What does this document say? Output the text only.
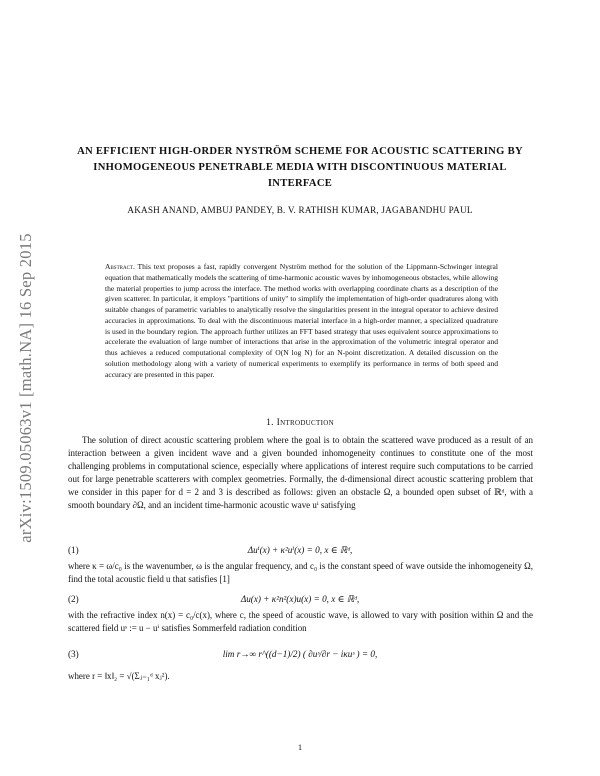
arXiv:1509.05063v1 [math.NA] 16 Sep 2015
AN EFFICIENT HIGH-ORDER NYSTRÖM SCHEME FOR ACOUSTIC SCATTERING BY INHOMOGENEOUS PENETRABLE MEDIA WITH DISCONTINUOUS MATERIAL INTERFACE
AKASH ANAND, AMBUJ PANDEY, B. V. RATHISH KUMAR, JAGABANDHU PAUL
Abstract. This text proposes a fast, rapidly convergent Nyström method for the solution of the Lippmann-Schwinger integral equation that mathematically models the scattering of time-harmonic acoustic waves by inhomogeneous obstacles, while allowing the material properties to jump across the interface. The method works with overlapping coordinate charts as a description of the given scatterer. In particular, it employs "partitions of unity" to simplify the implementation of high-order quadratures along with suitable changes of parametric variables to analytically resolve the singularities present in the integral operator to achieve desired accuracies in approximations. To deal with the discontinuous material interface in a high-order manner, a specialized quadrature is used in the boundary region. The approach further utilizes an FFT based strategy that uses equivalent source approximations to accelerate the evaluation of large number of interactions that arise in the approximation of the volumetric integral operator and thus achieves a reduced computational complexity of O(N log N) for an N-point discretization. A detailed discussion on the solution methodology along with a variety of numerical experiments to exemplify its performance in terms of both speed and accuracy are presented in this paper.
1. Introduction

The solution of direct acoustic scattering problem where the goal is to obtain the scattered wave produced as a result of an interaction between a given incident wave and a given bounded inhomogeneity continues to constitute one of the most challenging problems in computational science, especially where applications of interest require such computations to be carried out for large penetrable scatterers with complex geometries. Formally, the d-dimensional direct acoustic scattering problem that we consider in this paper for d = 2 and 3 is described as follows: given an obstacle Ω, a bounded open subset of ℝᵈ, with a smooth boundary ∂Ω, and an incident time-harmonic acoustic wave uⁱ satisfying

(1)	Δuⁱ(x) + κ²uⁱ(x) = 0, x ∈ ℝᵈ,

where κ = ω/c₀ is the wavenumber, ω is the angular frequency, and c₀ is the constant speed of wave outside the inhomogeneity Ω, find the total acoustic field u that satisfies [1]

(2)	Δu(x) + κ²n²(x)u(x) = 0, x ∈ ℝᵈ,

with the refractive index n(x) = c₀/c(x), where c, the speed of acoustic wave, is allowed to vary with position within Ω and the scattered field uˢ := u − uⁱ satisfies Sommerfeld radiation condition

(3)	lim r→∞ r^((d−1)/2) ( ∂uˢ/∂r − iκuˢ ) = 0,

where r = ‖x‖₂ = √(Σⱼ₌₁ᵈ xⱼ²).

1
